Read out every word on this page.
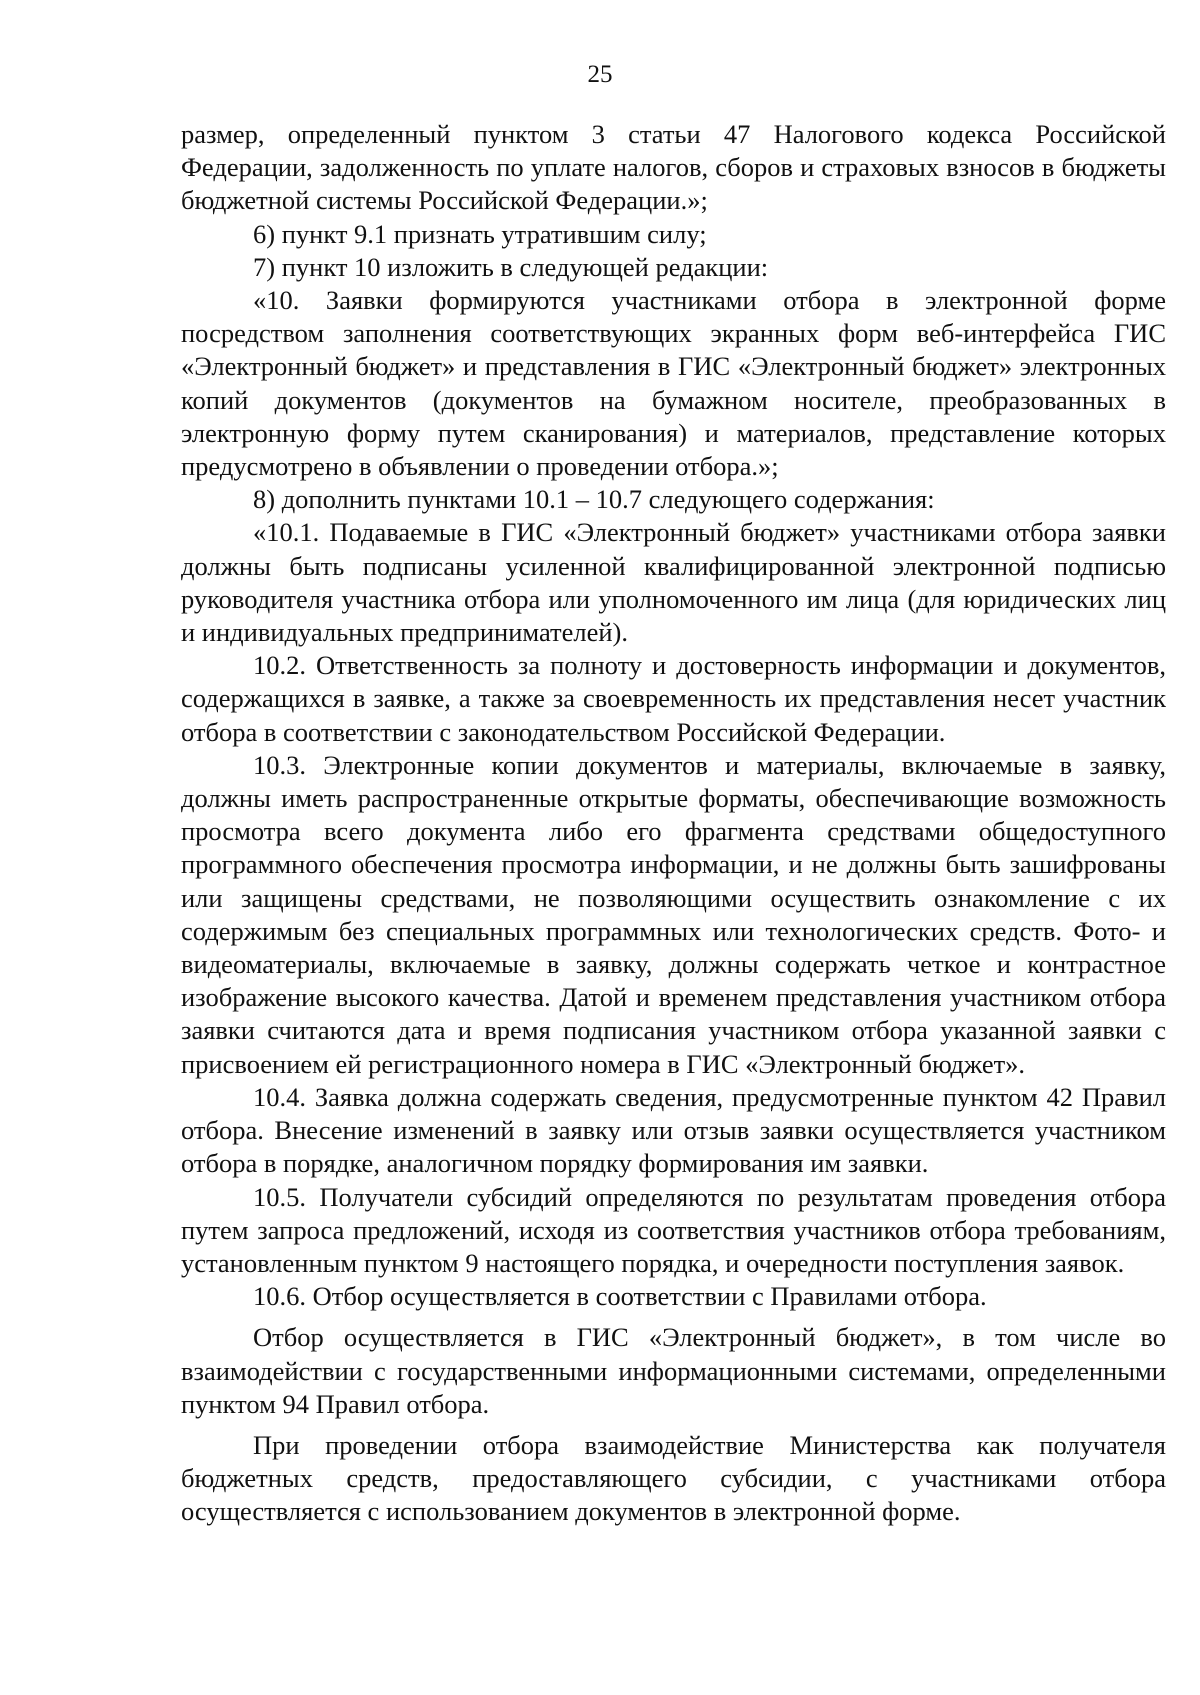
25

размер, определенный пунктом 3 статьи 47 Налогового кодекса Российской Федерации, задолженность по уплате налогов, сборов и страховых взносов в бюджеты бюджетной системы Российской Федерации.»;

6) пункт 9.1 признать утратившим силу;

7) пункт 10 изложить в следующей редакции:

«10. Заявки формируются участниками отбора в электронной форме посредством заполнения соответствующих экранных форм веб-интерфейса ГИС «Электронный бюджет» и представления в ГИС «Электронный бюджет» электронных копий документов (документов на бумажном носителе, преобразованных в электронную форму путем сканирования) и материалов, представление которых предусмотрено в объявлении о проведении отбора.»;

8) дополнить пунктами 10.1 – 10.7 следующего содержания:

«10.1. Подаваемые в ГИС «Электронный бюджет» участниками отбора заявки должны быть подписаны усиленной квалифицированной электронной подписью руководителя участника отбора или уполномоченного им лица (для юридических лиц и индивидуальных предпринимателей).

10.2. Ответственность за полноту и достоверность информации и документов, содержащихся в заявке, а также за своевременность их представления несет участник отбора в соответствии с законодательством Российской Федерации.

10.3. Электронные копии документов и материалы, включаемые в заявку, должны иметь распространенные открытые форматы, обеспечивающие возможность просмотра всего документа либо его фрагмента средствами общедоступного программного обеспечения просмотра информации, и не должны быть зашифрованы или защищены средствами, не позволяющими осуществить ознакомление с их содержимым без специальных программных или технологических средств. Фото- и видеоматериалы, включаемые в заявку, должны содержать четкое и контрастное изображение высокого качества. Датой и временем представления участником отбора заявки считаются дата и время подписания участником отбора указанной заявки с присвоением ей регистрационного номера в ГИС «Электронный бюджет».

10.4. Заявка должна содержать сведения, предусмотренные пунктом 42 Правил отбора. Внесение изменений в заявку или отзыв заявки осуществляется участником отбора в порядке, аналогичном порядку формирования им заявки.

10.5. Получатели субсидий определяются по результатам проведения отбора путем запроса предложений, исходя из соответствия участников отбора требованиям, установленным пунктом 9 настоящего порядка, и очередности поступления заявок.

10.6. Отбор осуществляется в соответствии с Правилами отбора.

Отбор осуществляется в ГИС «Электронный бюджет», в том числе во взаимодействии с государственными информационными системами, определенными пунктом 94 Правил отбора.

При проведении отбора взаимодействие Министерства как получателя бюджетных средств, предоставляющего субсидии, с участниками отбора осуществляется с использованием документов в электронной форме.
